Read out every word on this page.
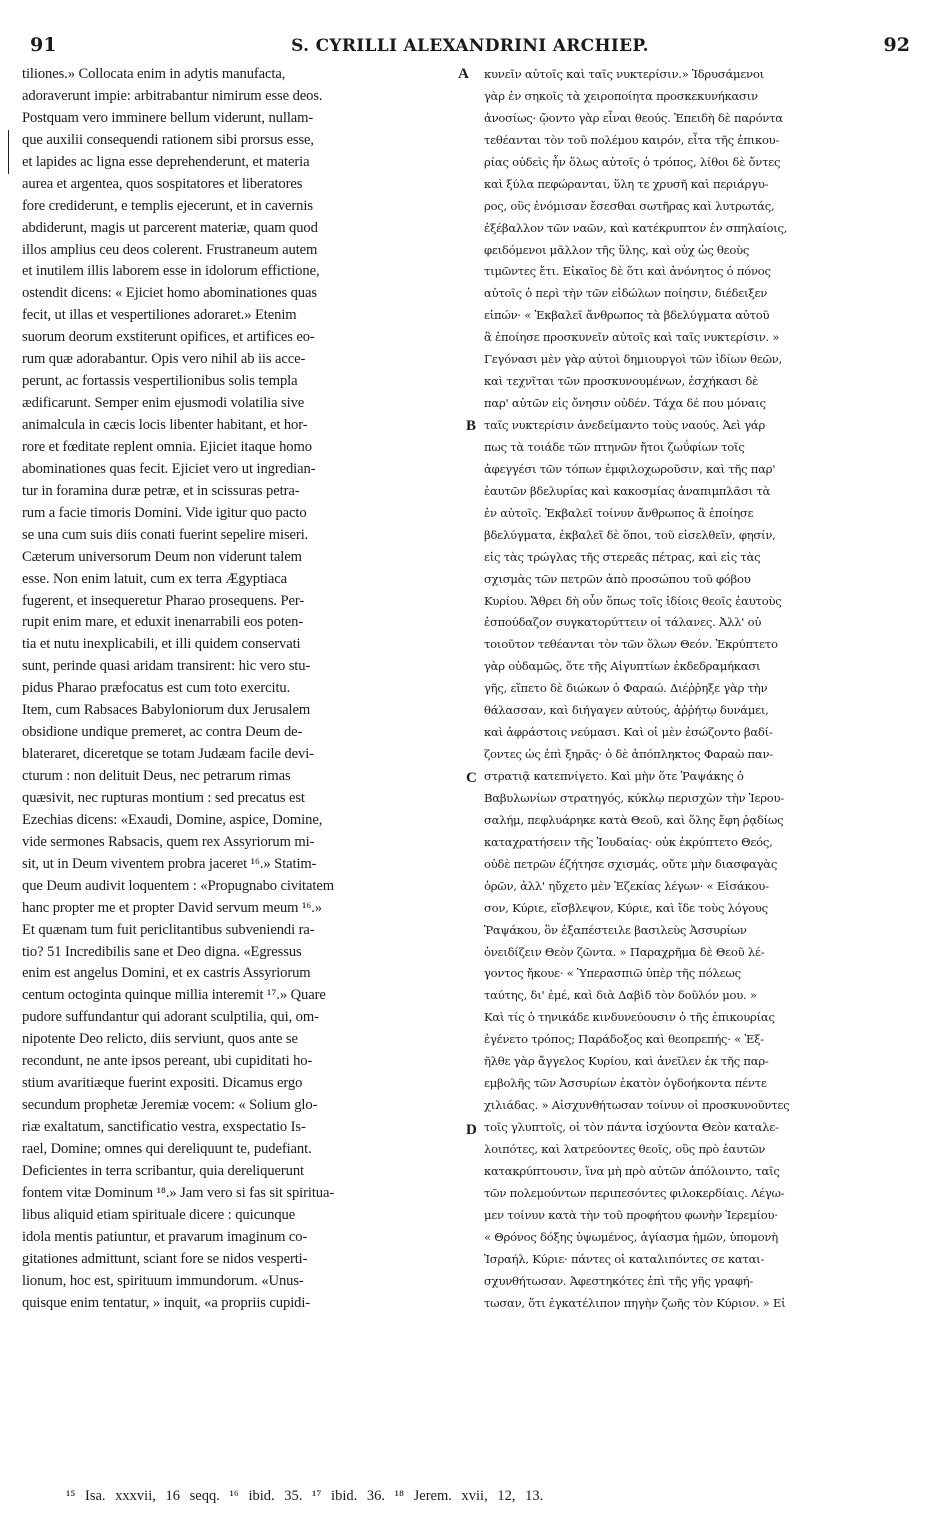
91	S. CYRILLI ALEXANDRINI ARCHIEP.	92
A
B
C
D
tiliones.» Collocata enim in adytis manufacta,
adoraverunt impie: arbitrabantur nimirum esse deos.
Postquam vero imminere bellum viderunt, nullam-
que auxilii consequendi rationem sibi prorsus esse,
et lapides ac ligna esse deprehenderunt, et materia
aurea et argentea, quos sospitatores et liberatores
fore crediderunt, e templis ejecerunt, et in cavernis
abdiderunt, magis ut parcerent materiæ, quam quod
illos amplius ceu deos colerent. Frustraneum autem
et inutilem illis laborem esse in idolorum effictione,
ostendit dicens: « Ejiciet homo abominationes quas
fecit, ut illas et vespertiliones adoraret.» Etenim
suorum deorum exstiterunt opifices, et artifices eo-
rum quæ adorabantur. Opis vero nihil ab iis acce-
perunt, ac fortassis vespertilionibus solis templa
ædificarunt. Semper enim ejusmodi volatilia sive
animalcula in cæcis locis libenter habitant, et hor-
rore et fœditate replent omnia. Ejiciet itaque homo
abominationes quas fecit. Ejiciet vero ut ingredian-
tur in foramina duræ petræ, et in scissuras petra-
rum a facie timoris Domini. Vide igitur quo pacto
se una cum suis diis conati fuerint sepelire miseri.
Cæterum universorum Deum non viderunt talem
esse. Non enim latuit, cum ex terra Ægyptiaca
fugerent, et insequeretur Pharao prosequens. Per-
rupit enim mare, et eduxit inenarrabili eos poten-
tia et nutu inexplicabili, et illi quidem conservati
sunt, perinde quasi aridam transirent: hic vero stu-
pidus Pharao præfocatus est cum toto exercitu.
Item, cum Rabsaces Babyloniorum dux Jerusalem
obsidione undique premeret, ac contra Deum de-
blateraret, diceretque se totam Judæam facile devi-
cturum : non delituit Deus, nec petrarum rimas
quæsivit, nec rupturas montium : sed precatus est
Ezechias dicens: «Exaudi, Domine, aspice, Domine,
vide sermones Rabsacis, quem rex Assyriorum mi-
sit, ut in Deum viventem probra jaceret ¹⁶.» Statim-
que Deum audivit loquentem : «Propugnabo civitatem
hanc propter me et propter David servum meum ¹⁶.»
Et quænam tum fuit periclitantibus subveniendi ra-
tio? 51 Incredibilis sane et Deo digna. «Egressus
enim est angelus Domini, et ex castris Assyriorum
centum octoginta quinque millia interemit ¹⁷.» Quare
pudore suffundantur qui adorant sculptilia, qui, om-
nipotente Deo relicto, diis serviunt, quos ante se
recondunt, ne ante ipsos pereant, ubi cupiditati ho-
stium avaritiæque fuerint expositi. Dicamus ergo
secundum prophetæ Jeremiæ vocem: « Solium glo-
riæ exaltatum, sanctificatio vestra, exspectatio Is-
rael, Domine; omnes qui dereliquunt te, pudefiant.
Deficientes in terra scribantur, quia dereliquerunt
fontem vitæ Dominum ¹⁸.» Jam vero si fas sit spiritua-
libus aliquid etiam spirituale dicere : quicunque
idola mentis patiuntur, et pravarum imaginum co-
gitationes admittunt, sciant fore se nidos vesperti-
lionum, hoc est, spirituum immundorum. «Unus-
quisque enim tentatur, » inquit, «a propriis cupidi-
κυνεῖν αὐτοῖς καὶ ταῖς νυκτερίσιν.» Ἱδρυσάμενοι
γὰρ ἐν σηκοῖς τὰ χειροποίητα προσκεκυνήκασιν
ἀνοσίως· ᾤοντο γὰρ εἶναι θεούς. Ἐπειδὴ δὲ παρόντα
τεθέανται τὸν τοῦ πολέμου καιρόν, εἶτα τῆς ἐπικου-
ρίας οὐδεὶς ἦν ὅλως αὐτοῖς ὁ τρόπος, λίθοι δὲ ὄντες
καὶ ξύλα πεφώρανται, ὕλη τε χρυσῆ καὶ περιάργυ-
ρος, οὓς ἐνόμισαν ἔσεσθαι σωτῆρας καὶ λυτρωτάς,
ἐξέβαλλον τῶν ναῶν, καὶ κατέκρυπτον ἐν σπηλαίοις,
φειδόμενοι μᾶλλον τῆς ὕλης, καὶ οὐχ ὡς θεοὺς
τιμῶντες ἔτι. Εἰκαῖος δὲ ὅτι καὶ ἀνόνητος ὁ πόνος
αὐτοῖς ὁ περὶ τὴν τῶν εἰδώλων ποίησιν, διέδειξεν
εἰπών· « Ἐκβαλεῖ ἄνθρωπος τὰ βδελύγματα αὐτοῦ
ἃ ἐποίησε προσκυνεῖν αὐτοῖς καὶ ταῖς νυκτερίσιν. »
Γεγόνασι μὲν γὰρ αὐτοὶ δημιουργοὶ τῶν ἰδίων θεῶν,
καὶ τεχνῖται τῶν προσκυνουμένων, ἐσχήκασι δὲ
παρ' αὐτῶν εἰς ὄνησιν οὐδέν. Τάχα δέ που μόναις
ταῖς νυκτερίσιν ἀνεδείμαντο τοὺς ναούς. Ἀεὶ γάρ
πως τὰ τοιάδε τῶν πτηνῶν ἤτοι ζωΰφίων τοῖς
ἀφεγγέσι τῶν τόπων ἐμφιλοχωροῦσιν, καὶ τῆς παρ'
ἑαυτῶν βδελυρίας καὶ κακοσμίας ἀναπιμπλᾶσι τὰ
ἐν αὐτοῖς. Ἐκβαλεῖ τοίνυν ἄνθρωπος ἃ ἐποίησε
βδελύγματα, ἐκβαλεῖ δὲ ὅποι, τοῦ εἰσελθεῖν, φησίν,
εἰς τὰς τρώγλας τῆς στερεᾶς πέτρας, καὶ εἰς τὰς
σχισμὰς τῶν πετρῶν ἀπὸ προσώπου τοῦ φόβου
Κυρίου. Ἄθρει δὴ οὖν ὅπως τοῖς ἰδίοις θεοῖς ἑαυτοὺς
ἐσπούδαζον συγκατορύττειν οἱ τάλανες. Ἀλλ' οὐ
τοιοῦτον τεθέανται τὸν τῶν ὅλων Θεόν. Ἐκρύπτετο
γὰρ οὐδαμῶς, ὅτε τῆς Αἰγυπτίων ἐκδεδραμήκασι
γῆς, εἵπετο δὲ διώκων ὁ Φαραώ. Διέῤῥηξε γὰρ τὴν
θάλασσαν, καὶ διήγαγεν αὐτούς, ἀῤῥήτῳ δυνάμει,
καὶ ἀφράστοις νεύμασι. Καὶ οἱ μὲν ἐσώζοντο βαδί-
ζοντες ὡς ἐπὶ ξηρᾶς· ὁ δὲ ἀπόπληκτος Φαραὼ παν-
στρατιᾷ κατεπνίγετο. Καὶ μὴν ὅτε Ῥαψάκης ὁ
Βαβυλωνίων στρατηγός, κύκλῳ περισχὼν τὴν Ἱερου-
σαλήμ, πεφλυάρηκε κατὰ Θεοῦ, καὶ ὅλης ἔφη ῥᾳδίως
καταχρατήσειν τῆς Ἰουδαίας· οὐκ ἐκρύπτετο Θεός,
οὐδὲ πετρῶν ἐζήτησε σχισμάς, οὔτε μὴν διασφαγὰς
ὀρῶν, ἀλλ' ηὔχετο μὲν Ἐζεκίας λέγων· « Εἰσάκου-
σον, Κύριε, εἴσβλεψον, Κύριε, καὶ ἴδε τοὺς λόγους
Ῥαψάκου, ὃν ἐξαπέστειλε βασιλεὺς Ἀσσυρίων
ὀνειδίζειν Θεὸν ζῶντα. » Παραχρῆμα δὲ Θεοῦ λέ-
γοντος ἤκουε· « Ὑπερασπιῶ ὑπὲρ τῆς πόλεως
ταύτης, δι' ἐμέ, καὶ διὰ Δαβὶδ τὸν δοῦλόν μου. »
Καὶ τίς ὁ τηνικάδε κινδυνεύουσιν ὁ τῆς ἐπικουρίας
ἐγένετο τρόπος; Παράδοξος καὶ θεοπρεπής· « Ἐξ-
ῆλθε γὰρ ἄγγελος Κυρίου, καὶ ἀνεῖλεν ἐκ τῆς παρ-
εμβολῆς τῶν Ἀσσυρίων ἑκατὸν ὀγδοήκοντα πέντε
χιλιάδας. » Αἰσχυνθήτωσαν τοίνυν οἱ προσκυνοῦντες
τοῖς γλυπτοῖς, οἱ τὸν πάντα ἰσχύοντα Θεὸν καταλε-
λοιπότες, καὶ λατρεύοντες θεοῖς, οὓς πρὸ ἑαυτῶν
κατακρύπτουσιν, ἵνα μὴ πρὸ αὐτῶν ἀπόλοιντο, ταῖς
τῶν πολεμούντων περιπεσόντες φιλοκερδίαις. Λέγω-
μεν τοίνυν κατὰ τὴν τοῦ προφήτου φωνὴν Ἱερεμίου·
« Θρόνος δόξης ὑψωμένος, ἁγίασμα ἡμῶν, ὑπομονὴ
Ἰσραήλ, Κύριε· πάντες οἱ καταλιπόντες σε καται-
σχυνθήτωσαν. Ἀφεστηκότες ἐπὶ τῆς γῆς γραφή-
τωσαν, ὅτι ἐγκατέλιπον πηγὴν ζωῆς τὸν Κύριον. » Εἰ
¹⁵ Isa. xxxvii, 16 seqq. ¹⁶ ibid. 35. ¹⁷ ibid. 36. ¹⁸ Jerem. xvii, 12, 13.
